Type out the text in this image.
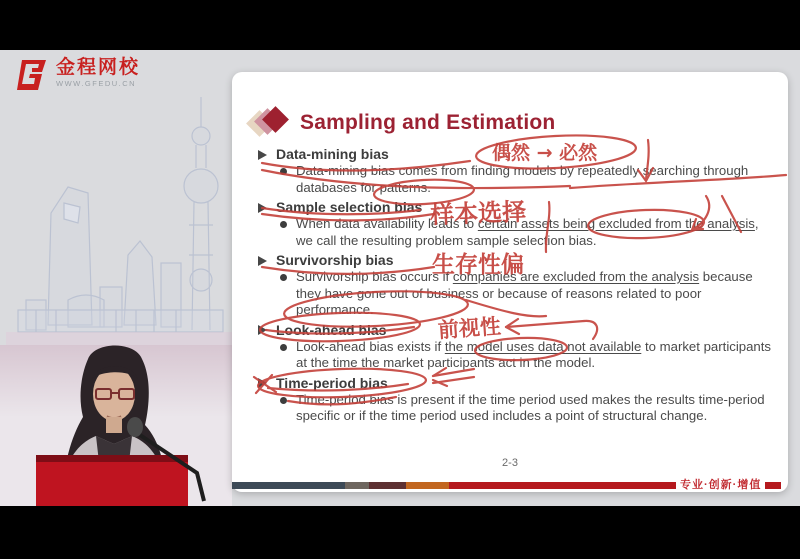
金程网校
WWW.GFEDU.CN
Sampling and Estimation
Data-mining bias
Data-mining bias comes from finding models by repeatedly searching through databases for patterns.
Sample selection bias
When data availability leads to certain assets being excluded from the analysis, we call the resulting problem sample selection bias.
Survivorship bias
Survivorship bias occurs if companies are excluded from the analysis because they have gone out of business or because of reasons related to poor performance.
Look-ahead bias
Look-ahead bias exists if the model uses data not available to market participants at the time the market participants act in the model.
Time-period bias
Time-period bias is present if the time period used makes the results time-period specific or if the time period used includes a point of structural change.
2-3
专业·创新·增值
偶然 → 必然
样本选择
生存性偏
前视性
